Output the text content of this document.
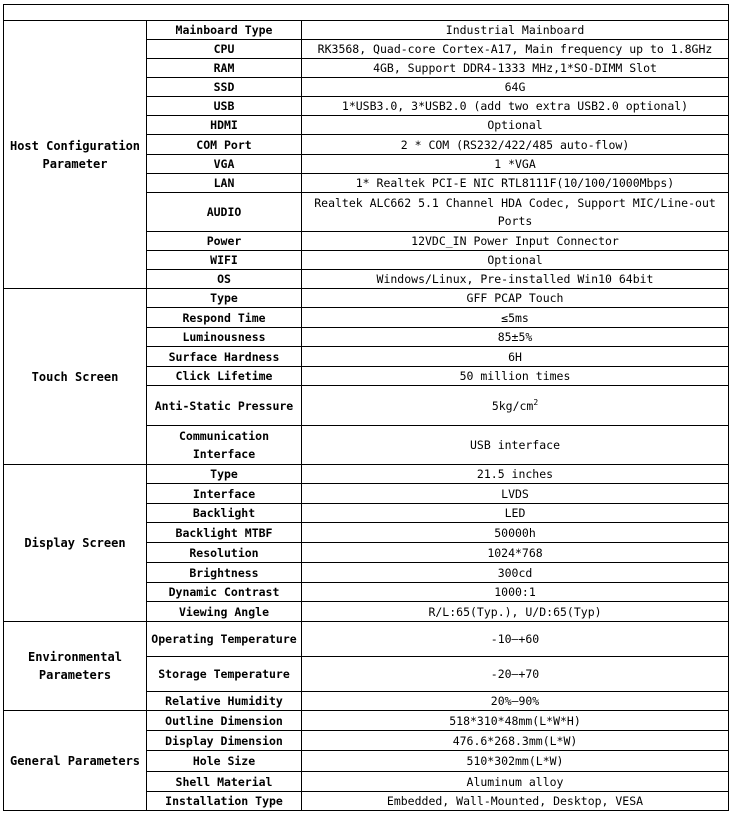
Host Configuration Parameter	Mainboard Type	Industrial Mainboard
	CPU	RK3568, Quad-core Cortex-A17, Main frequency up to 1.8GHz
	RAM	4GB, Support DDR4-1333 MHz,1*SO-DIMM Slot
	SSD	64G
	USB	1*USB3.0, 3*USB2.0 (add two extra USB2.0 optional)
	HDMI	Optional
	COM Port	2 * COM (RS232/422/485 auto-flow)
	VGA	1 *VGA
	LAN	1* Realtek PCI-E NIC RTL8111F(10/100/1000Mbps)
	AUDIO	Realtek ALC662 5.1 Channel HDA Codec, Support MIC/Line-out Ports
	Power	12VDC_IN Power Input Connector
	WIFI	Optional
	OS	Windows/Linux, Pre-installed Win10 64bit
Touch Screen	Type	GFF PCAP Touch
	Respond Time	≤5ms
	Luminousness	85±5%
	Surface Hardness	6H
	Click Lifetime	50 million times
	Anti-Static Pressure	$5kg/cm^2$
	Communication Interface	USB interface
Display Screen	Type	21.5 inches
	Interface	LVDS
	Backlight	LED
	Backlight MTBF	50000h
	Resolution	1024*768
	Brightness	300cd
	Dynamic Contrast	1000:1
	Viewing Angle	R/L:65(Typ.), U/D:65(Typ)
Environmental Parameters	Operating Temperature	-10—+60
	Storage Temperature	-20—+70
	Relative Humidity	20%—90%
General Parameters	Outline Dimension	518*310*48mm(L*W*H)
	Display Dimension	476.6*268.3mm(L*W)
	Hole Size	510*302mm(L*W)
	Shell Material	Aluminum alloy
	Installation Type	Embedded, Wall-Mounted, Desktop, VESA
